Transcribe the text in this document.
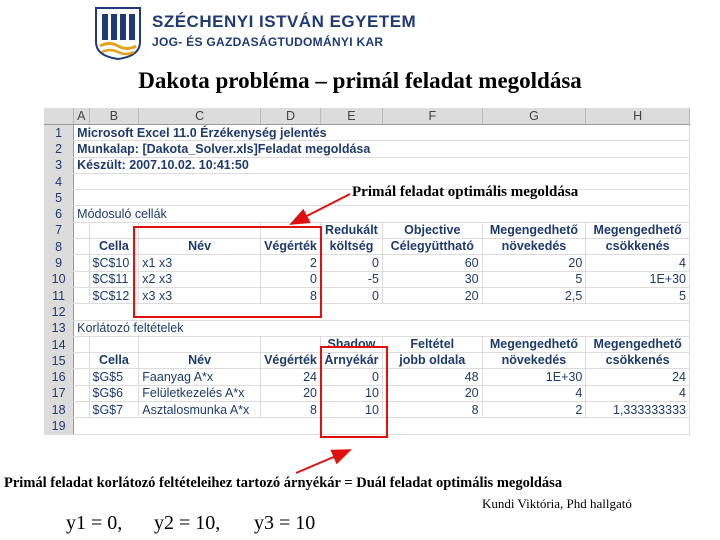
SZÉCHENYI ISTVÁN EGYETEM
JOG- ÉS GAZDASÁGTUDOMÁNYI KAR
Dakota probléma – primál feladat megoldása
	A	B	C	D	E	F	G	H
1	Microsoft Excel 11.0 Érzékenység jelentés							
2	Munkalap: [Dakota_Solver.xls]Feladat megoldása							
3	Készült: 2007.10.02. 10:41:50							
4								
5								
6	Módosuló cellák							
7					Redukált	Objective	Megengedhető	Megengedhető
8		Cella	Név	Végérték	költség	Célegyüttható	növekedés	csökkenés
9		$C$10	x1 x3	2	0	60	20	4
10		$C$11	x2 x3	0	-5	30	5	1E+30
11		$C$12	x3 x3	8	0	20	2,5	5
12								
13	Korlátozó feltételek							
14					Shadow	Feltétel	Megengedhető	Megengedhető
15		Cella	Név	Végérték	Árnyékár	jobb oldala	növekedés	csökkenés
16		$G$5	Faanyag A*x	24	0	48	1E+30	24
17		$G$6	Felületkezelés A*x	20	10	20	4	4
18		$G$7	Asztalosmunka A*x	8	10	8	2	1,333333333
19								
Primál feladat optimális megoldása
Primál feladat korlátozó feltételeihez tartozó árnyékár = Duál feladat optimális megoldása
Kundi Viktória, Phd hallgató
y1 = 0, y2 = 10, y3 = 10
